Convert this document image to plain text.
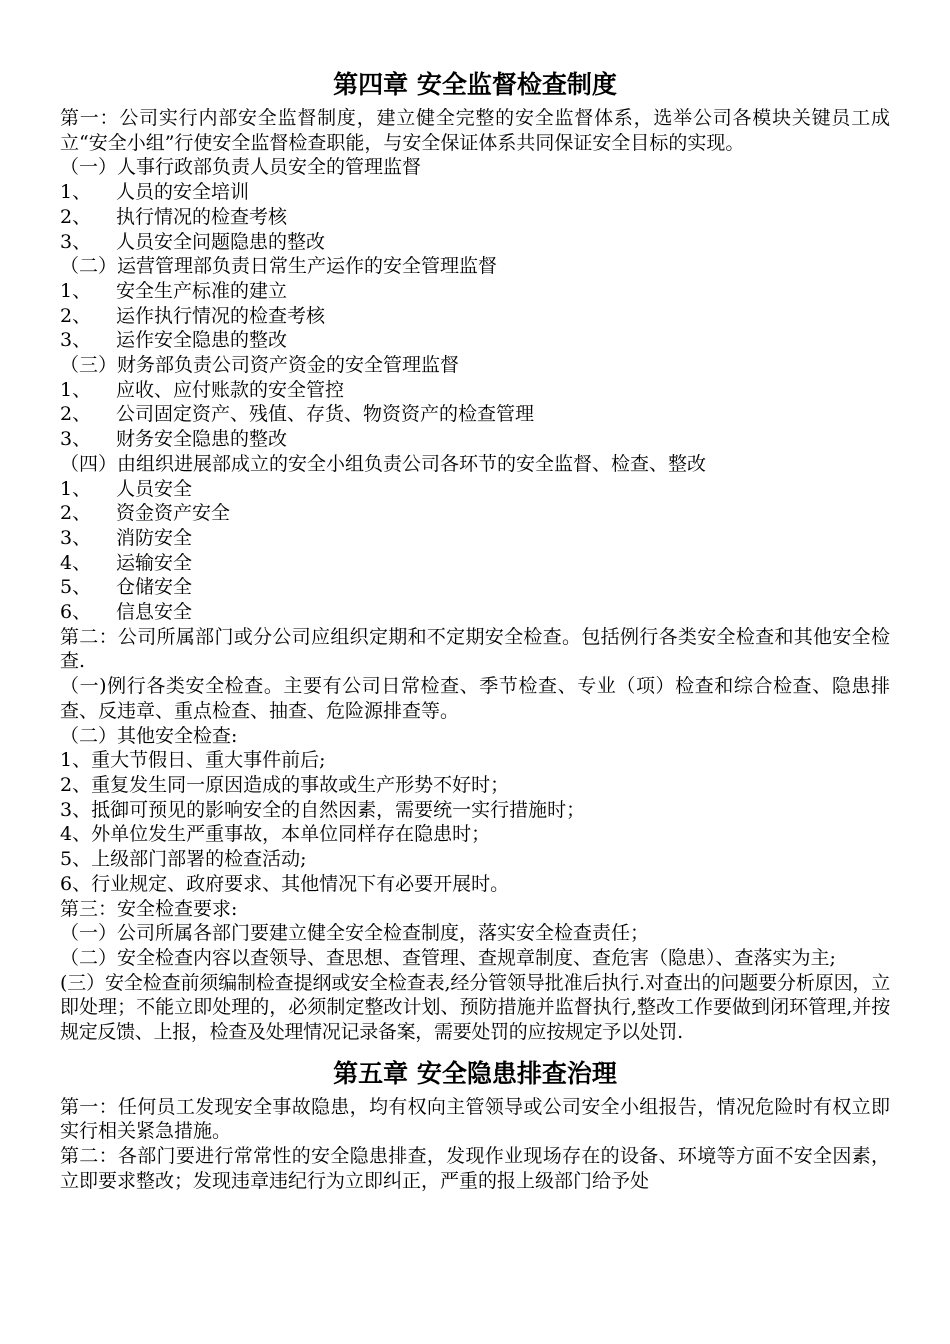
第四章 安全监督检查制度

第一：公司实行内部安全监督制度，建立健全完整的安全监督体系，选举公司各模块关键员工成立“安全小组”行使安全监督检查职能，与安全保证体系共同保证安全目标的实现。

（一）人事行政部负责人员安全的管理监督

1、 人员的安全培训

2、 执行情况的检查考核

3、 人员安全问题隐患的整改

（二）运营管理部负责日常生产运作的安全管理监督

1、 安全生产标准的建立

2、 运作执行情况的检查考核

3、 运作安全隐患的整改

（三）财务部负责公司资产资金的安全管理监督

1、 应收、应付账款的安全管控

2、 公司固定资产、残值、存货、物资资产的检查管理

3、 财务安全隐患的整改

（四）由组织进展部成立的安全小组负责公司各环节的安全监督、检查、整改

1、 人员安全

2、 资金资产安全

3、 消防安全

4、 运输安全

5、 仓储安全

6、 信息安全

第二：公司所属部门或分公司应组织定期和不定期安全检查。包括例行各类安全检查和其他安全检查.

（一)例行各类安全检查。主要有公司日常检查、季节检查、专业（项）检查和综合检查、隐患排查、反违章、重点检查、抽查、危险源排查等。

（二）其他安全检查:

1、重大节假日、重大事件前后;

2、重复发生同一原因造成的事故或生产形势不好时；

3、抵御可预见的影响安全的自然因素，需要统一实行措施时；

4、外单位发生严重事故，本单位同样存在隐患时；

5、上级部门部署的检查活动;

6、行业规定、政府要求、其他情况下有必要开展时。

第三：安全检查要求:

（一）公司所属各部门要建立健全安全检查制度，落实安全检查责任；

（二）安全检查内容以查领导、查思想、查管理、查规章制度、查危害（隐患）、查落实为主;

(三）安全检查前须编制检查提纲或安全检查表,经分管领导批准后执行.对查出的问题要分析原因，立即处理；不能立即处理的，必须制定整改计划、预防措施并监督执行,整改工作要做到闭环管理,并按规定反馈、上报，检查及处理情况记录备案，需要处罚的应按规定予以处罚.

第五章 安全隐患排查治理

第一：任何员工发现安全事故隐患，均有权向主管领导或公司安全小组报告，情况危险时有权立即实行相关紧急措施。

第二：各部门要进行常常性的安全隐患排查，发现作业现场存在的设备、环境等方面不安全因素，立即要求整改；发现违章违纪行为立即纠正，严重的报上级部门给予处
